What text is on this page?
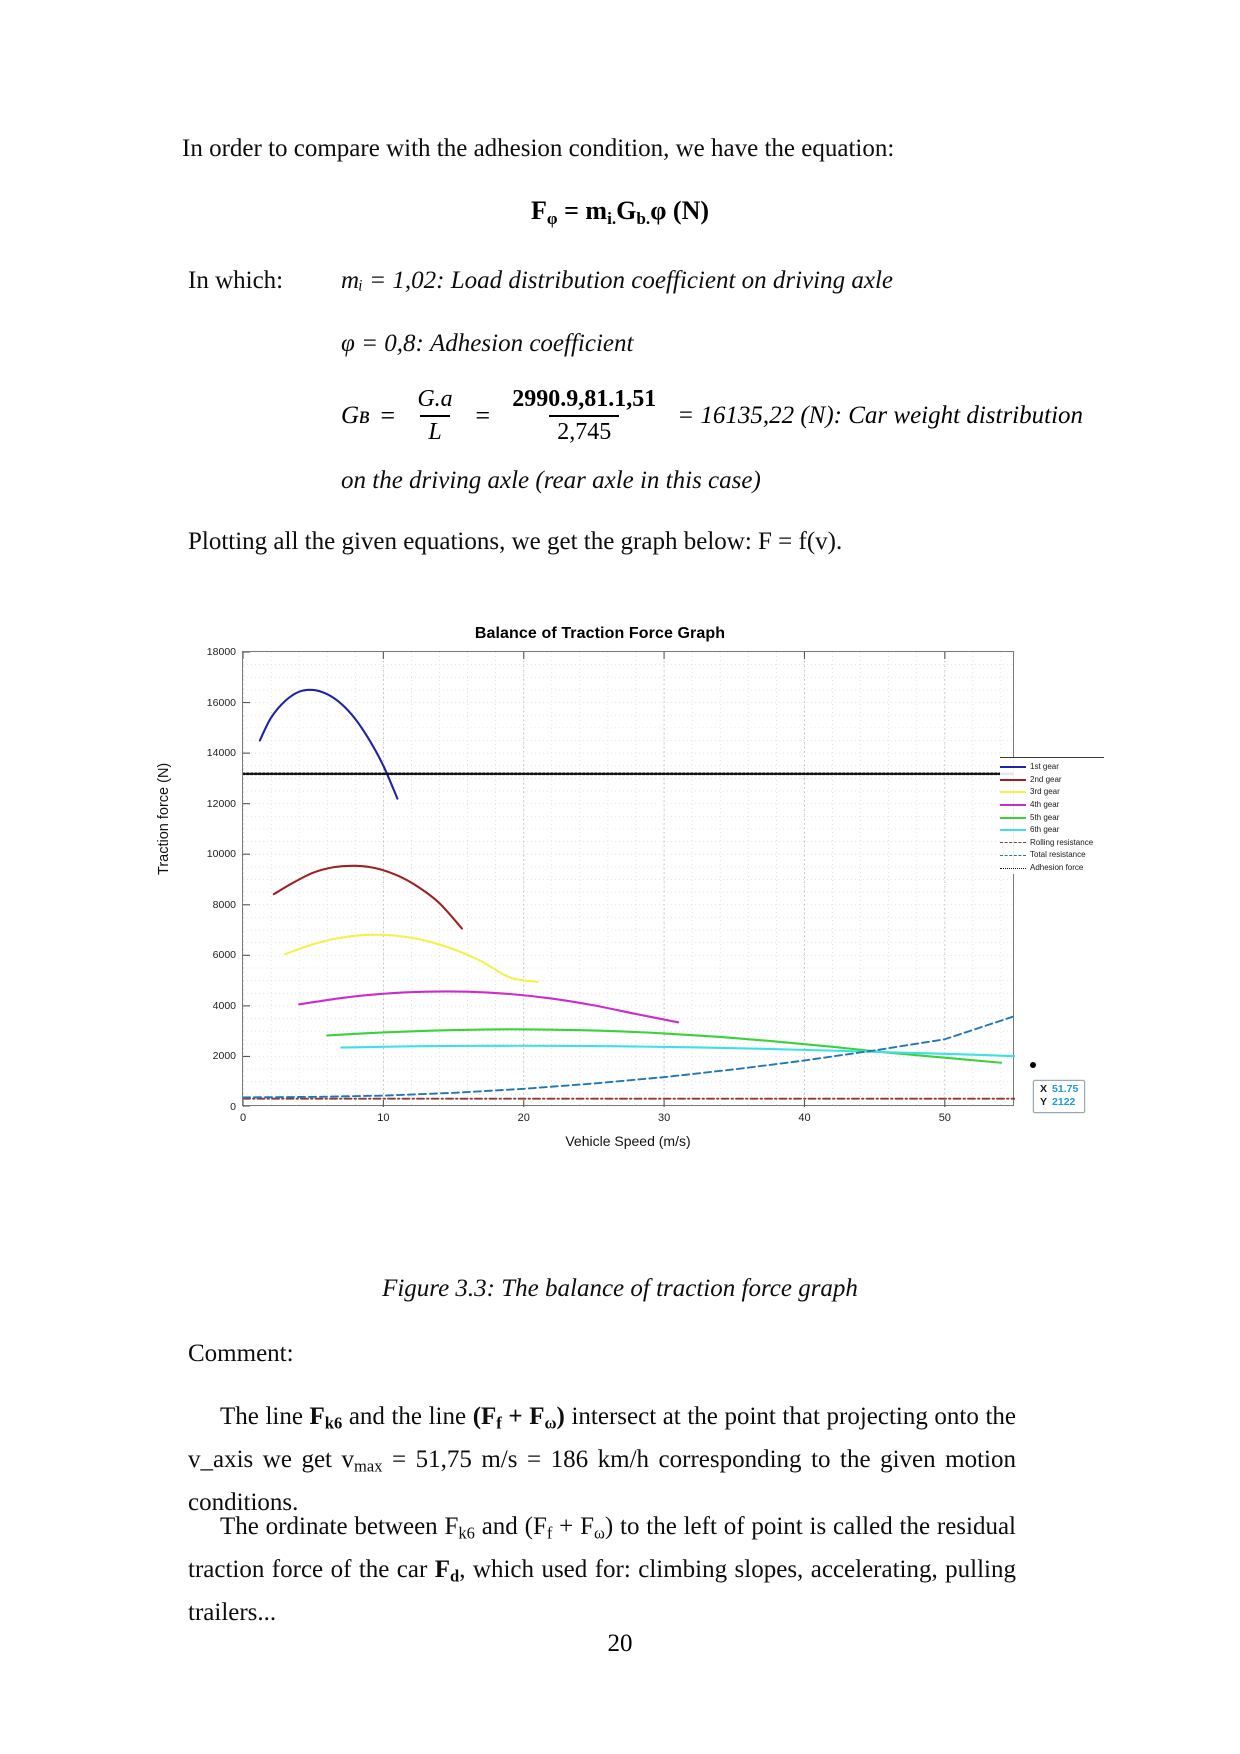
In order to compare with the adhesion condition, we have the equation:
$F_\varphi = m_{i.}G_{b.}\varphi$ (N)
In which: mᵢ = 1,02: Load distribution coefficient on driving axle
φ = 0,8: Adhesion coefficient
Gʙ = $\frac{G.a}{L} = \frac{2990.9,81.1,51}{2,745} = 16135,22$ (N): Car weight distribution
on the driving axle (rear axle in this case)
Plotting all the given equations, we get the graph below: F = f(v).
Balance of Traction Force Graph
Traction force (N)
0
2000
4000
6000
8000
10000
12000
14000
16000
18000
0	10	20	30	40	50
Vehicle Speed (m/s)
1st gear
2nd gear
3rd gear
4th gear
5th gear
6th gear
Rolling resistance
Total resistance
Adhesion force
X 51.75
Y 2122
Figure 3.3: The balance of traction force graph
Comment:
The line $F_{k6}$ and the line $(F_f + F_\omega)$ intersect at the point that projecting onto the v_axis we get $v_{max} = 51,75$ m/s = 186 km/h corresponding to the given motion conditions.
The ordinate between $F_{k6}$ and $(F_f + F_\omega)$ to the left of point is called the residual traction force of the car $F_d$, which used for: climbing slopes, accelerating, pulling trailers...
20
